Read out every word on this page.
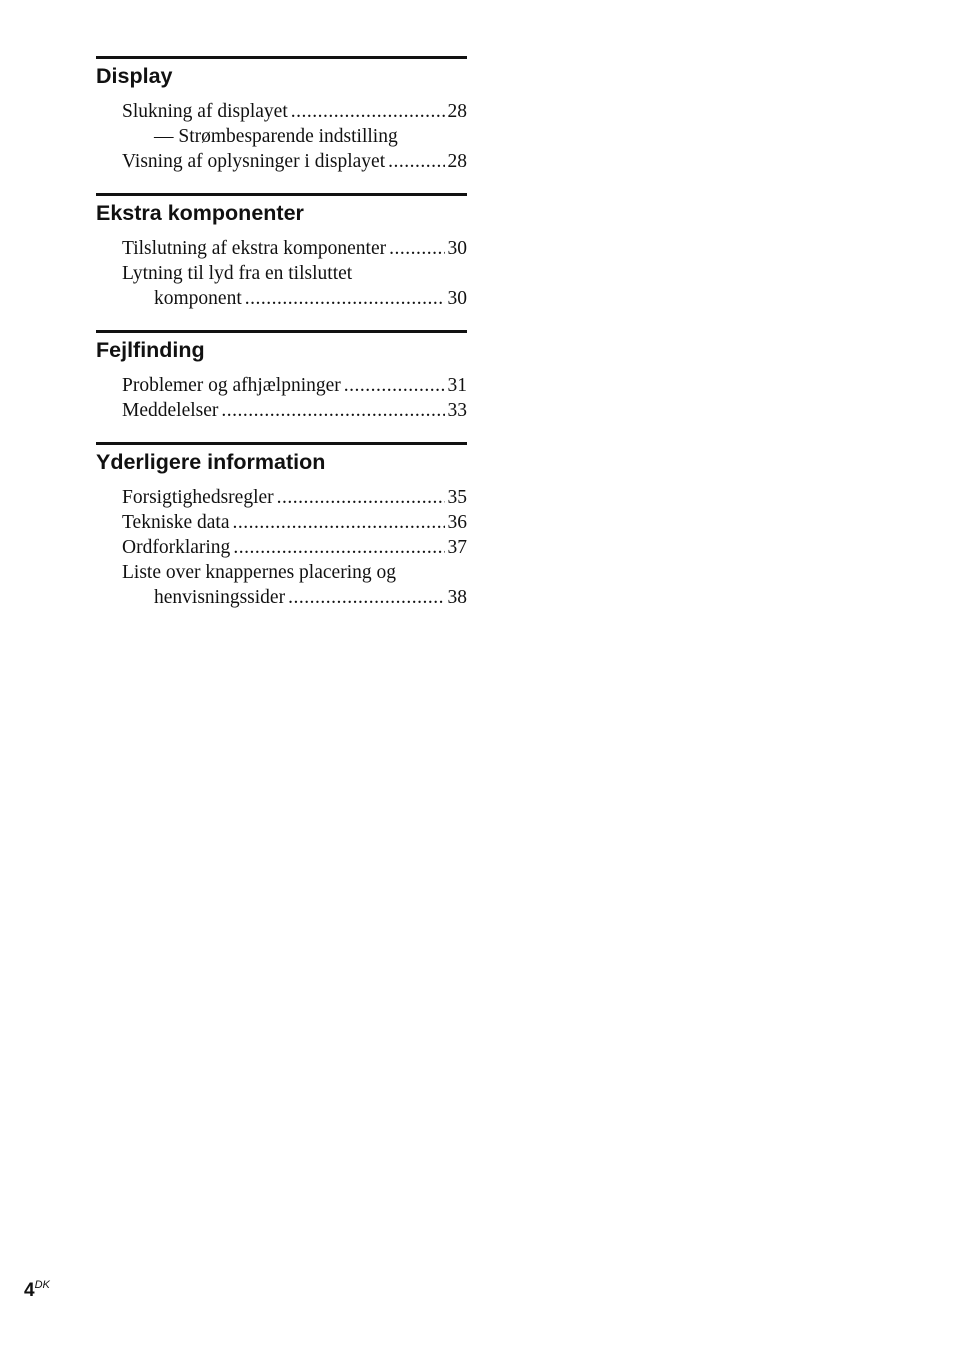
Display
Slukning af displayet .....	28
— Strømbesparende indstilling
Visning af oplysninger i displayet .....	28
Ekstra komponenter
Tilslutning af ekstra komponenter .....	30
Lytning til lyd fra en tilsluttet
komponent .....	30
Fejlfinding
Problemer og afhjælpninger .....	31
Meddelelser .....	33
Yderligere information
Forsigtighedsregler .....	35
Tekniske data .....	36
Ordforklaring .....	37
Liste over knappernes placering og
henvisningssider .....	38
$4^{DK}$
